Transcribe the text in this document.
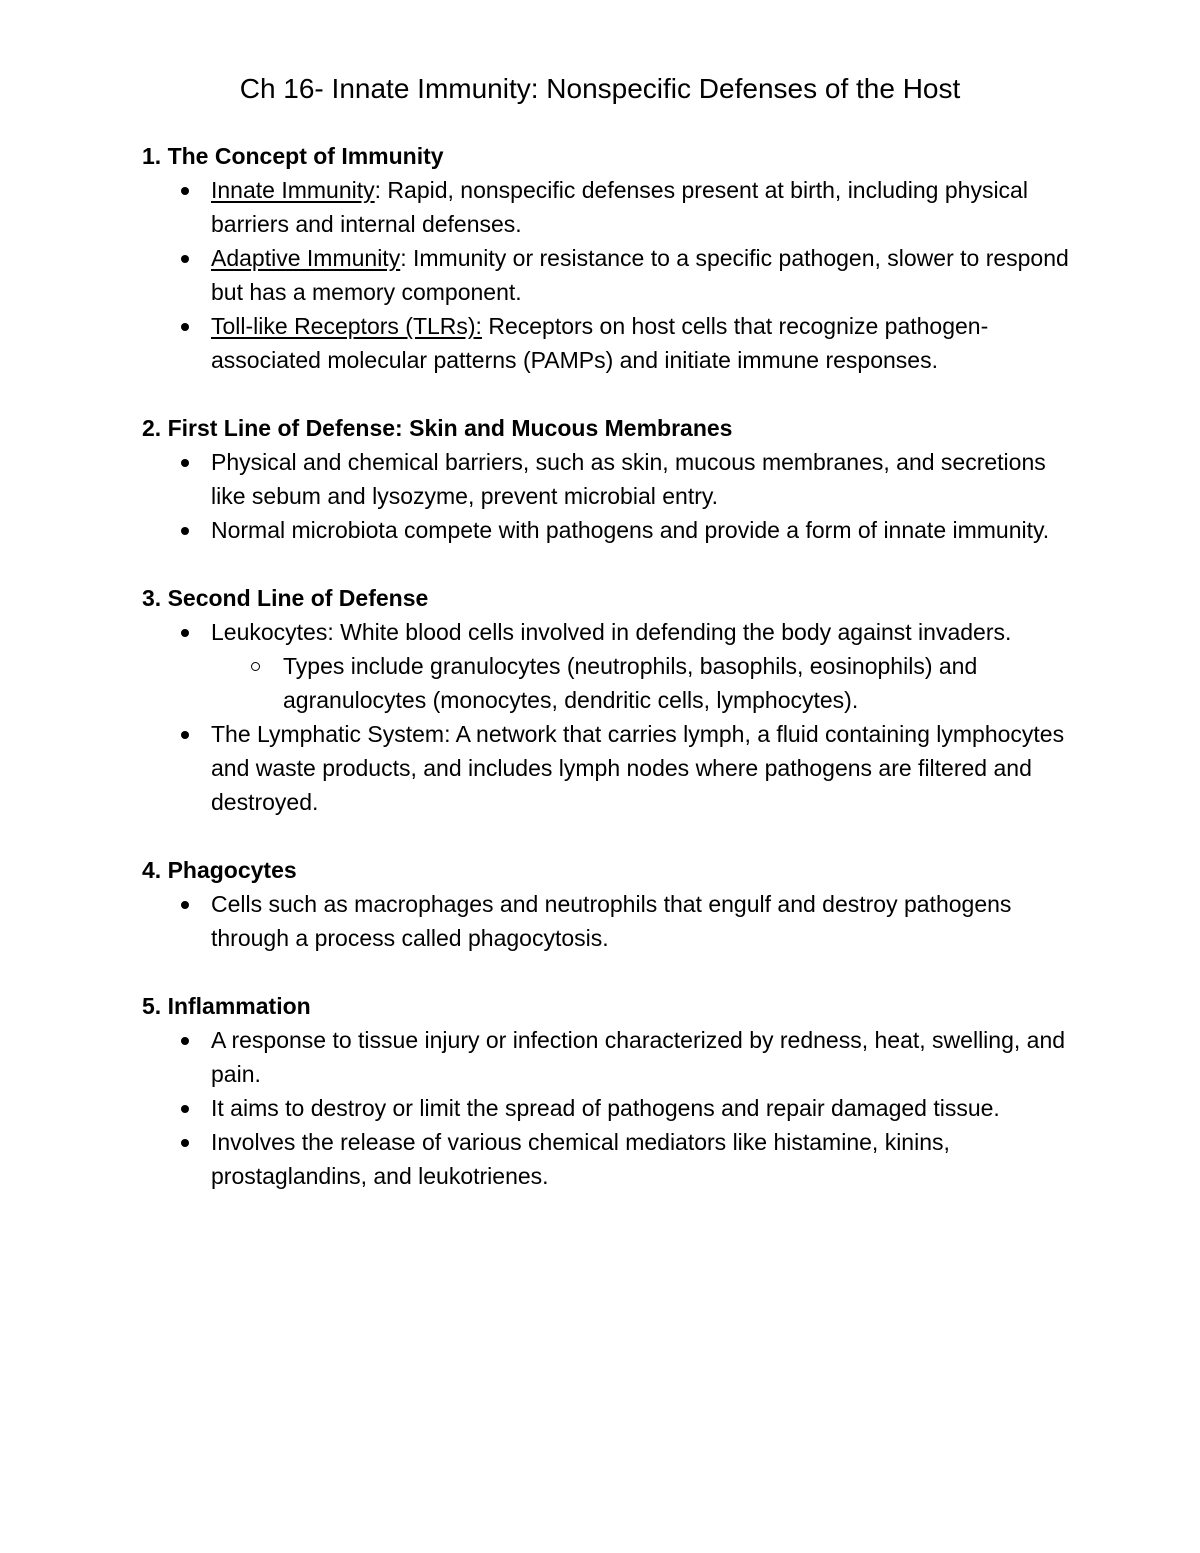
Ch 16- Innate Immunity: Nonspecific Defenses of the Host

1. The Concept of Immunity

Innate Immunity: Rapid, nonspecific defenses present at birth, including physical barriers and internal defenses.
Adaptive Immunity: Immunity or resistance to a specific pathogen, slower to respond but has a memory component.
Toll-like Receptors (TLRs): Receptors on host cells that recognize pathogen-associated molecular patterns (PAMPs) and initiate immune responses.

2. First Line of Defense: Skin and Mucous Membranes

Physical and chemical barriers, such as skin, mucous membranes, and secretions like sebum and lysozyme, prevent microbial entry.
Normal microbiota compete with pathogens and provide a form of innate immunity.

3. Second Line of Defense

Leukocytes: White blood cells involved in defending the body against invaders.
Types include granulocytes (neutrophils, basophils, eosinophils) and agranulocytes (monocytes, dendritic cells, lymphocytes).
The Lymphatic System: A network that carries lymph, a fluid containing lymphocytes and waste products, and includes lymph nodes where pathogens are filtered and destroyed.

4. Phagocytes

Cells such as macrophages and neutrophils that engulf and destroy pathogens through a process called phagocytosis.

5. Inflammation

A response to tissue injury or infection characterized by redness, heat, swelling, and pain.
It aims to destroy or limit the spread of pathogens and repair damaged tissue.
Involves the release of various chemical mediators like histamine, kinins, prostaglandins, and leukotrienes.
